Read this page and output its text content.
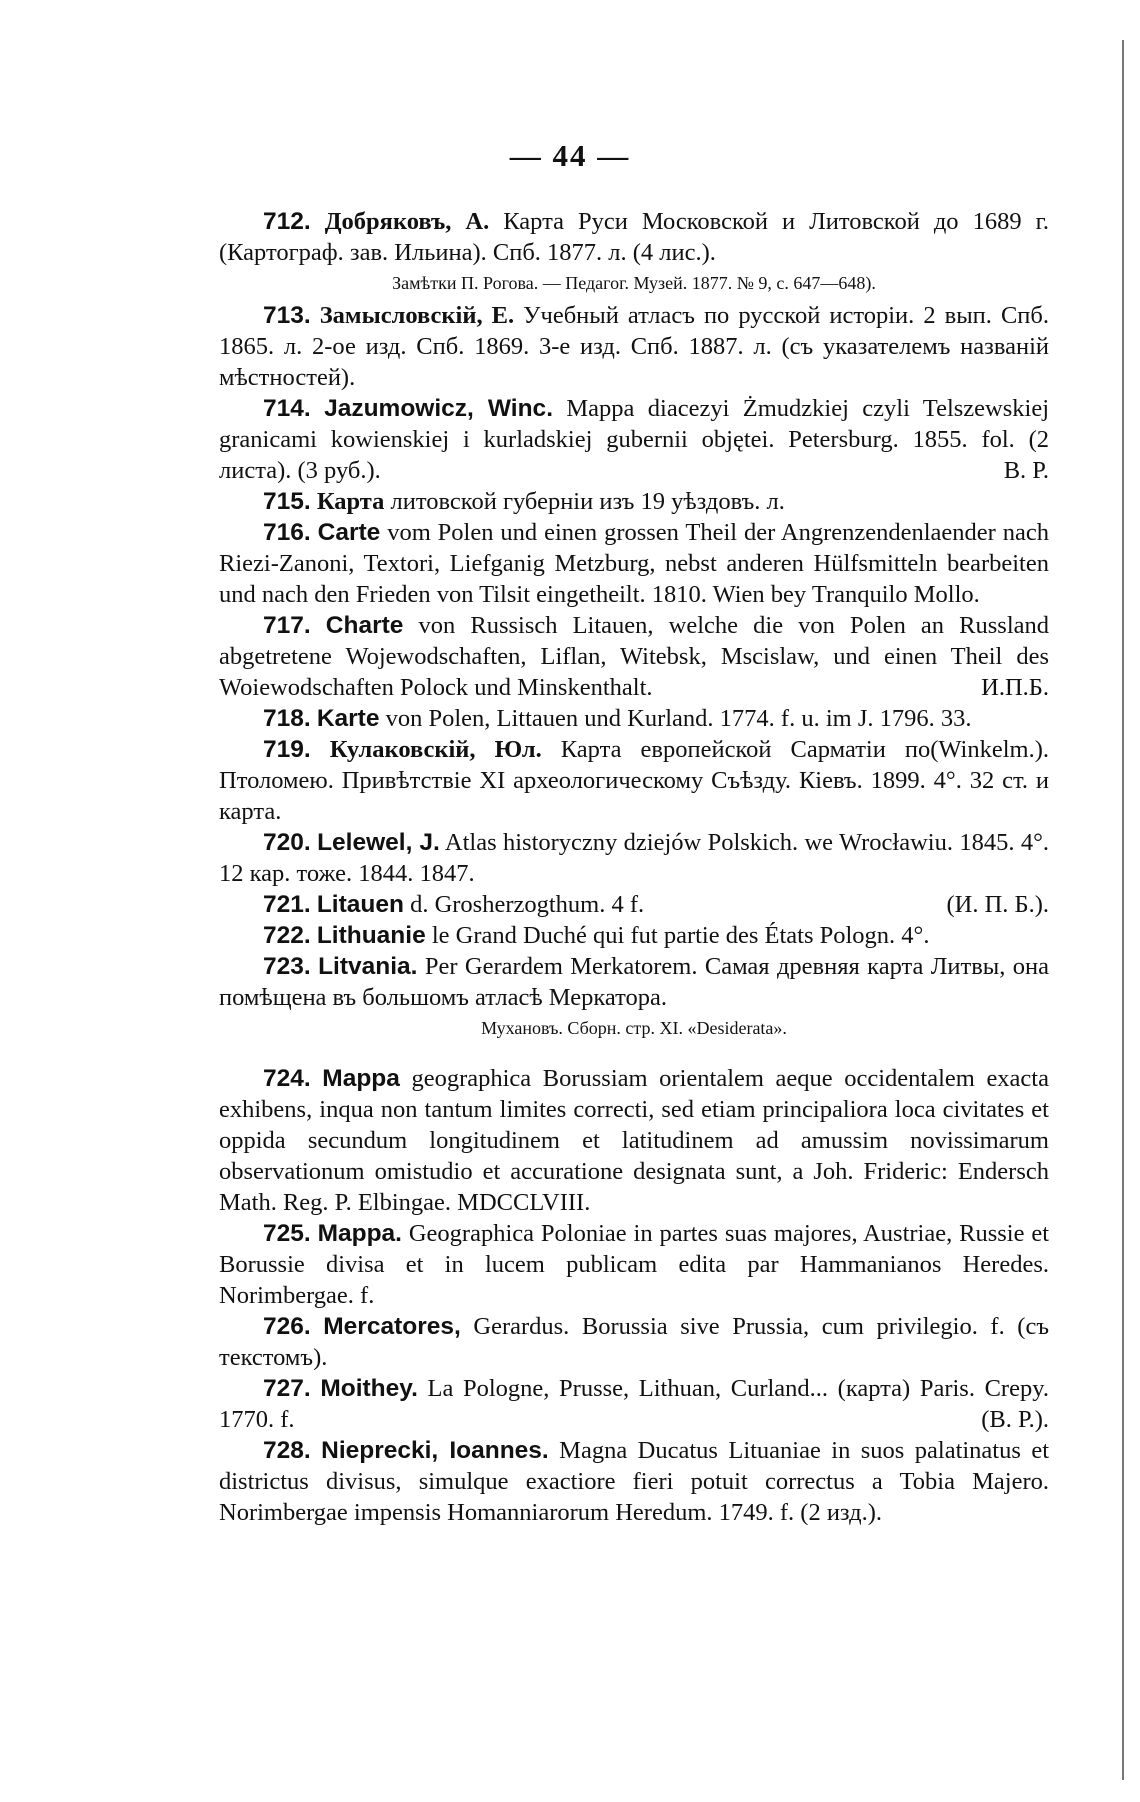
— 44 —

712. Добряковъ, А. Карта Руси Московской и Литовской до 1689 г. (Картограф. зав. Ильина). Спб. 1877. л. (4 лис.).

Замѣтки П. Рогова. — Педагог. Музей. 1877. № 9, с. 647—648).

713. Замысловскій, Е. Учебный атласъ по русской исторіи. 2 вып. Спб. 1865. л. 2-ое изд. Спб. 1869. 3-е изд. Спб. 1887. л. (съ указателемъ названій мѣстностей).

714. Jazumowicz, Winc. Mappa diacezyi Żmudzkiej czyli Telszewskiej granicami kowienskiej i kurladskiej gubernii objętei. Petersburg. 1855. fol. (2 листа). (3 руб.).	В. Р.

715. Карта литовской губерніи изъ 19 уѣздовъ. л.

716. Carte vom Polen und einen grossen Theil der Angrenzendenlaender nach Riezi-Zanoni, Textori, Liefganig Metzburg, nebst anderen Hülfsmitteln bearbeiten und nach den Frieden von Tilsit eingetheilt. 1810. Wien bey Tranquilo Mollo.

717. Charte von Russisch Litauen, welche die von Polen an Russland abgetretene Wojewodschaften, Liflan, Witebsk, Mscislaw, und einen Theil des Woiewodschaften Polock und Minskenthalt.	И.П.Б.

718. Karte von Polen, Littauen und Kurland. 1774. f. u. im J. 1796. 33.
(Winkelm.).

719. Кулаковскій, Юл. Карта европейской Сарматіи по Птоломею. Привѣтствіе XI археологическому Съѣзду. Кіевъ. 1899. 4°. 32 ст. и карта.

720. Lelewel, J. Atlas historyczny dziejów Polskich. we Wrocławiu. 1845. 4°. 12 кар. тоже. 1844. 1847.

721. Litauen d. Grosherzogthum. 4 f.	(И. П. Б.).

722. Lithuanie le Grand Duché qui fut partie des États Pologn. 4°.

723. Litvania. Per Gerardem Merkatorem. Самая древняя карта Литвы, она помѣщена въ большомъ атласѣ Меркатора.

Мухановъ. Сборн. стр. XI. «Desiderata».

724. Mappa geographica Borussiam orientalem aeque occidentalem exacta exhibens, inqua non tantum limites correcti, sed etiam principaliora loca civitates et oppida secundum longitudinem et latitudinem ad amussim novissimarum observationum omistudio et accuratione designata sunt, a Joh. Frideric: Endersch Math. Reg. P. Elbingae. MDCCLVIII.

725. Mappa. Geographica Poloniae in partes suas majores, Austriae, Russie et Borussie divisa et in lucem publicam edita par Hammanianos Heredes. Norimbergae. f.

726. Mercatores, Gerardus. Borussia sive Prussia, cum privilegio. f. (съ текстомъ).

727. Moithey. La Pologne, Prusse, Lithuan, Curland... (карта) Paris. Crepy. 1770. f.	(В. Р.).

728. Nieprecki, Ioannes. Magna Ducatus Lituaniae in suos palatinatus et districtus divisus, simulque exactiore fieri potuit correctus a Tobia Majero. Norimbergae impensis Homanniarorum Heredum. 1749. f. (2 изд.).
